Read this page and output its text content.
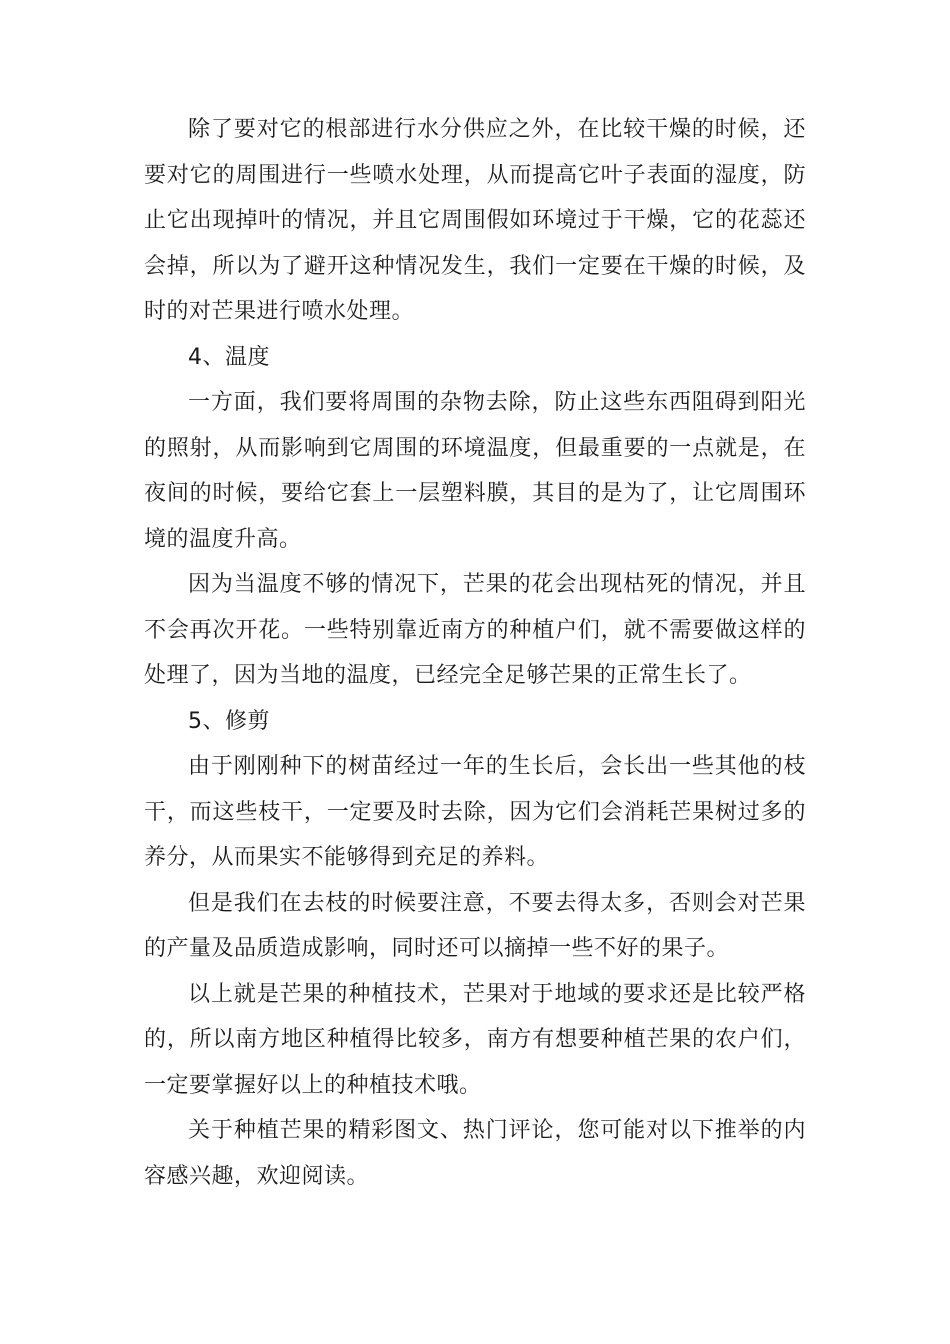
除了要对它的根部进行水分供应之外，在比较干燥的时候，还要对它的周围进行一些喷水处理，从而提高它叶子表面的湿度，防止它出现掉叶的情况，并且它周围假如环境过于干燥，它的花蕊还会掉，所以为了避开这种情况发生，我们一定要在干燥的时候，及时的对芒果进行喷水处理。

4、温度

一方面，我们要将周围的杂物去除，防止这些东西阻碍到阳光的照射，从而影响到它周围的环境温度，但最重要的一点就是，在夜间的时候，要给它套上一层塑料膜，其目的是为了，让它周围环境的温度升高。

因为当温度不够的情况下，芒果的花会出现枯死的情况，并且不会再次开花。一些特别靠近南方的种植户们，就不需要做这样的处理了，因为当地的温度，已经完全足够芒果的正常生长了。

5、修剪

由于刚刚种下的树苗经过一年的生长后，会长出一些其他的枝干，而这些枝干，一定要及时去除，因为它们会消耗芒果树过多的养分，从而果实不能够得到充足的养料。

但是我们在去枝的时候要注意，不要去得太多，否则会对芒果的产量及品质造成影响，同时还可以摘掉一些不好的果子。

以上就是芒果的种植技术，芒果对于地域的要求还是比较严格的，所以南方地区种植得比较多，南方有想要种植芒果的农户们，一定要掌握好以上的种植技术哦。

关于种植芒果的精彩图文、热门评论，您可能对以下推举的内容感兴趣，欢迎阅读。
